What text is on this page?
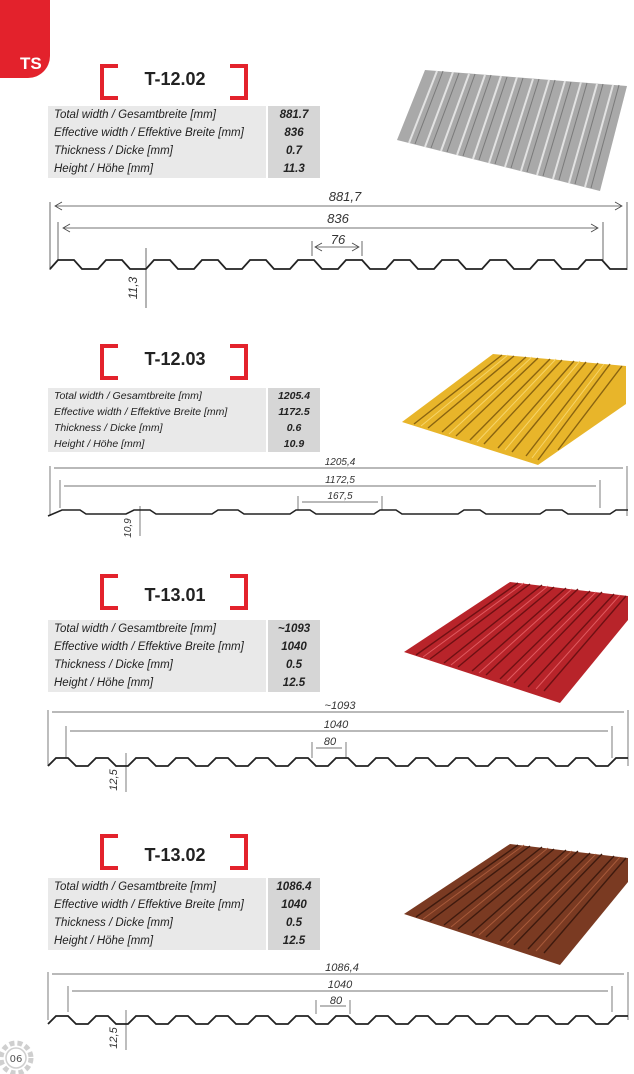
TS
T-12.02
Total width / Gesamtbreite [mm]	881.7
Effective width / Effektive Breite [mm]	836
Thickness / Dicke [mm]	0.7
Height / Höhe [mm]	11.3
881,7
836
76
11,3
T-12.03
Total width / Gesamtbreite [mm]	1205.4
Effective width / Effektive Breite [mm]	1172.5
Thickness / Dicke [mm]	0.6
Height / Höhe [mm]	10.9
1205,4
1172,5
167,5
10,9
T-13.01
Total width / Gesamtbreite [mm]	~1093
Effective width / Effektive Breite [mm]	1040
Thickness / Dicke [mm]	0.5
Height / Höhe [mm]	12.5
~1093
1040
80
12,5
T-13.02
Total width / Gesamtbreite [mm]	1086.4
Effective width / Effektive Breite [mm]	1040
Thickness / Dicke [mm]	0.5
Height / Höhe [mm]	12.5
1086,4
1040
80
12,5
06
